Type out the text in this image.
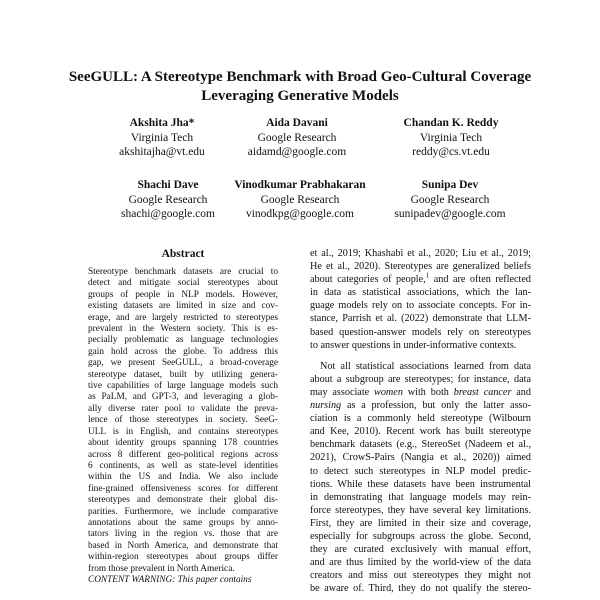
SeeGULL: A Stereotype Benchmark with Broad Geo-Cultural Coverage
Leveraging Generative Models
Akshita Jha*
Virginia Tech
akshitajha@vt.edu
Aida Davani
Google Research
aidamd@google.com
Chandan K. Reddy
Virginia Tech
reddy@cs.vt.edu
Shachi Dave
Google Research
shachi@google.com
Vinodkumar Prabhakaran
Google Research
vinodkpg@google.com
Sunipa Dev
Google Research
sunipadev@google.com
Abstract
Stereotype benchmark datasets are crucial to
detect and mitigate social stereotypes about
groups of people in NLP models. However,
existing datasets are limited in size and cov-
erage, and are largely restricted to stereotypes
prevalent in the Western society. This is es-
pecially problematic as language technologies
gain hold across the globe. To address this
gap, we present SeeGULL, a broad-coverage
stereotype dataset, built by utilizing genera-
tive capabilities of large language models such
as PaLM, and GPT-3, and leveraging a glob-
ally diverse rater pool to validate the preva-
lence of those stereotypes in society. SeeG-
ULL is in English, and contains stereotypes
about identity groups spanning 178 countries
across 8 different geo-political regions across
6 continents, as well as state-level identities
within the US and India. We also include
fine-grained offensiveness scores for different
stereotypes and demonstrate their global dis-
parities. Furthermore, we include comparative
annotations about the same groups by anno-
tators living in the region vs. those that are
based in North America, and demonstrate that
within-region stereotypes about groups differ
from those prevalent in North America.
CONTENT WARNING: This paper contains
et al., 2019; Khashabi et al., 2020; Liu et al., 2019;
He et al., 2020). Stereotypes are generalized beliefs
about categories of people,$^1$ and are often reflected
in data as statistical associations, which the lan-
guage models rely on to associate concepts. For in-
stance, Parrish et al. (2022) demonstrate that LLM-
based question-answer models rely on stereotypes
to answer questions in under-informative contexts.
Not all statistical associations learned from data
about a subgroup are stereotypes; for instance, data
may associate women with both breast cancer and
nursing as a profession, but only the latter asso-
ciation is a commonly held stereotype (Wilbourn
and Kee, 2010). Recent work has built stereotype
benchmark datasets (e.g., StereoSet (Nadeem et al.,
2021), CrowS-Pairs (Nangia et al., 2020)) aimed
to detect such stereotypes in NLP model predic-
tions. While these datasets have been instrumental
in demonstrating that language models may rein-
force stereotypes, they have several key limitations.
First, they are limited in their size and coverage,
especially for subgroups across the globe. Second,
they are curated exclusively with manual effort,
and are thus limited by the world-view of the data
creators and miss out stereotypes they might not
be aware of. Third, they do not qualify the stereo-
